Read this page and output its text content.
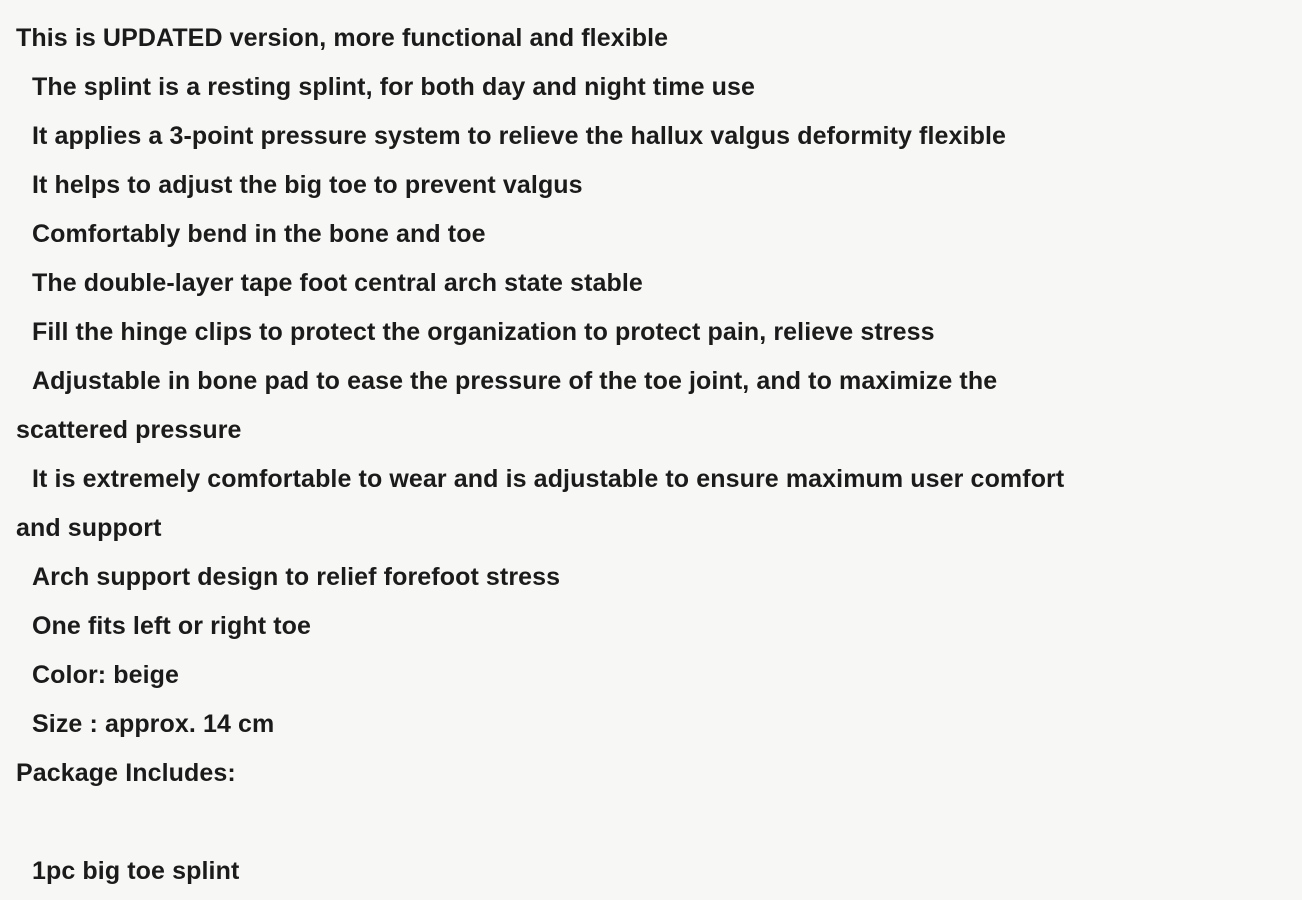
This is UPDATED version, more functional and flexible
The splint is a resting splint, for both day and night time use
It applies a 3-point pressure system to relieve the hallux valgus deformity flexible
It helps to adjust the big toe to prevent valgus
Comfortably bend in the bone and toe
The double-layer tape foot central arch state stable
Fill the hinge clips to protect the organization to protect pain, relieve stress
Adjustable in bone pad to ease the pressure of the toe joint, and to maximize the
scattered pressure
It is extremely comfortable to wear and is adjustable to ensure maximum user comfort
and support
Arch support design to relief forefoot stress
One fits left or right toe
Color: beige
Size : approx. 14 cm
Package Includes:
1pc big toe splint
